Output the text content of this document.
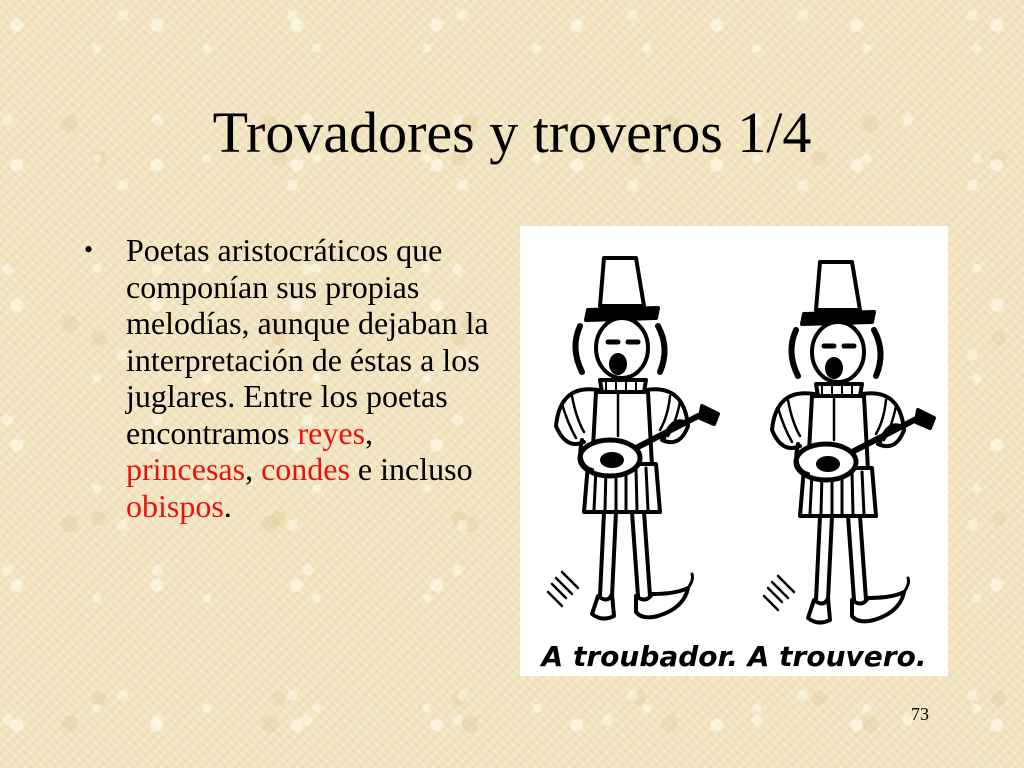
Trovadores y troveros 1/4
• Poetas aristocráticos que componían sus propias melodías, aunque dejaban la interpretación de éstas a los juglares. Entre los poetas encontramos reyes, princesas, condes e incluso obispos.
A troubador. A trouvero.
73
